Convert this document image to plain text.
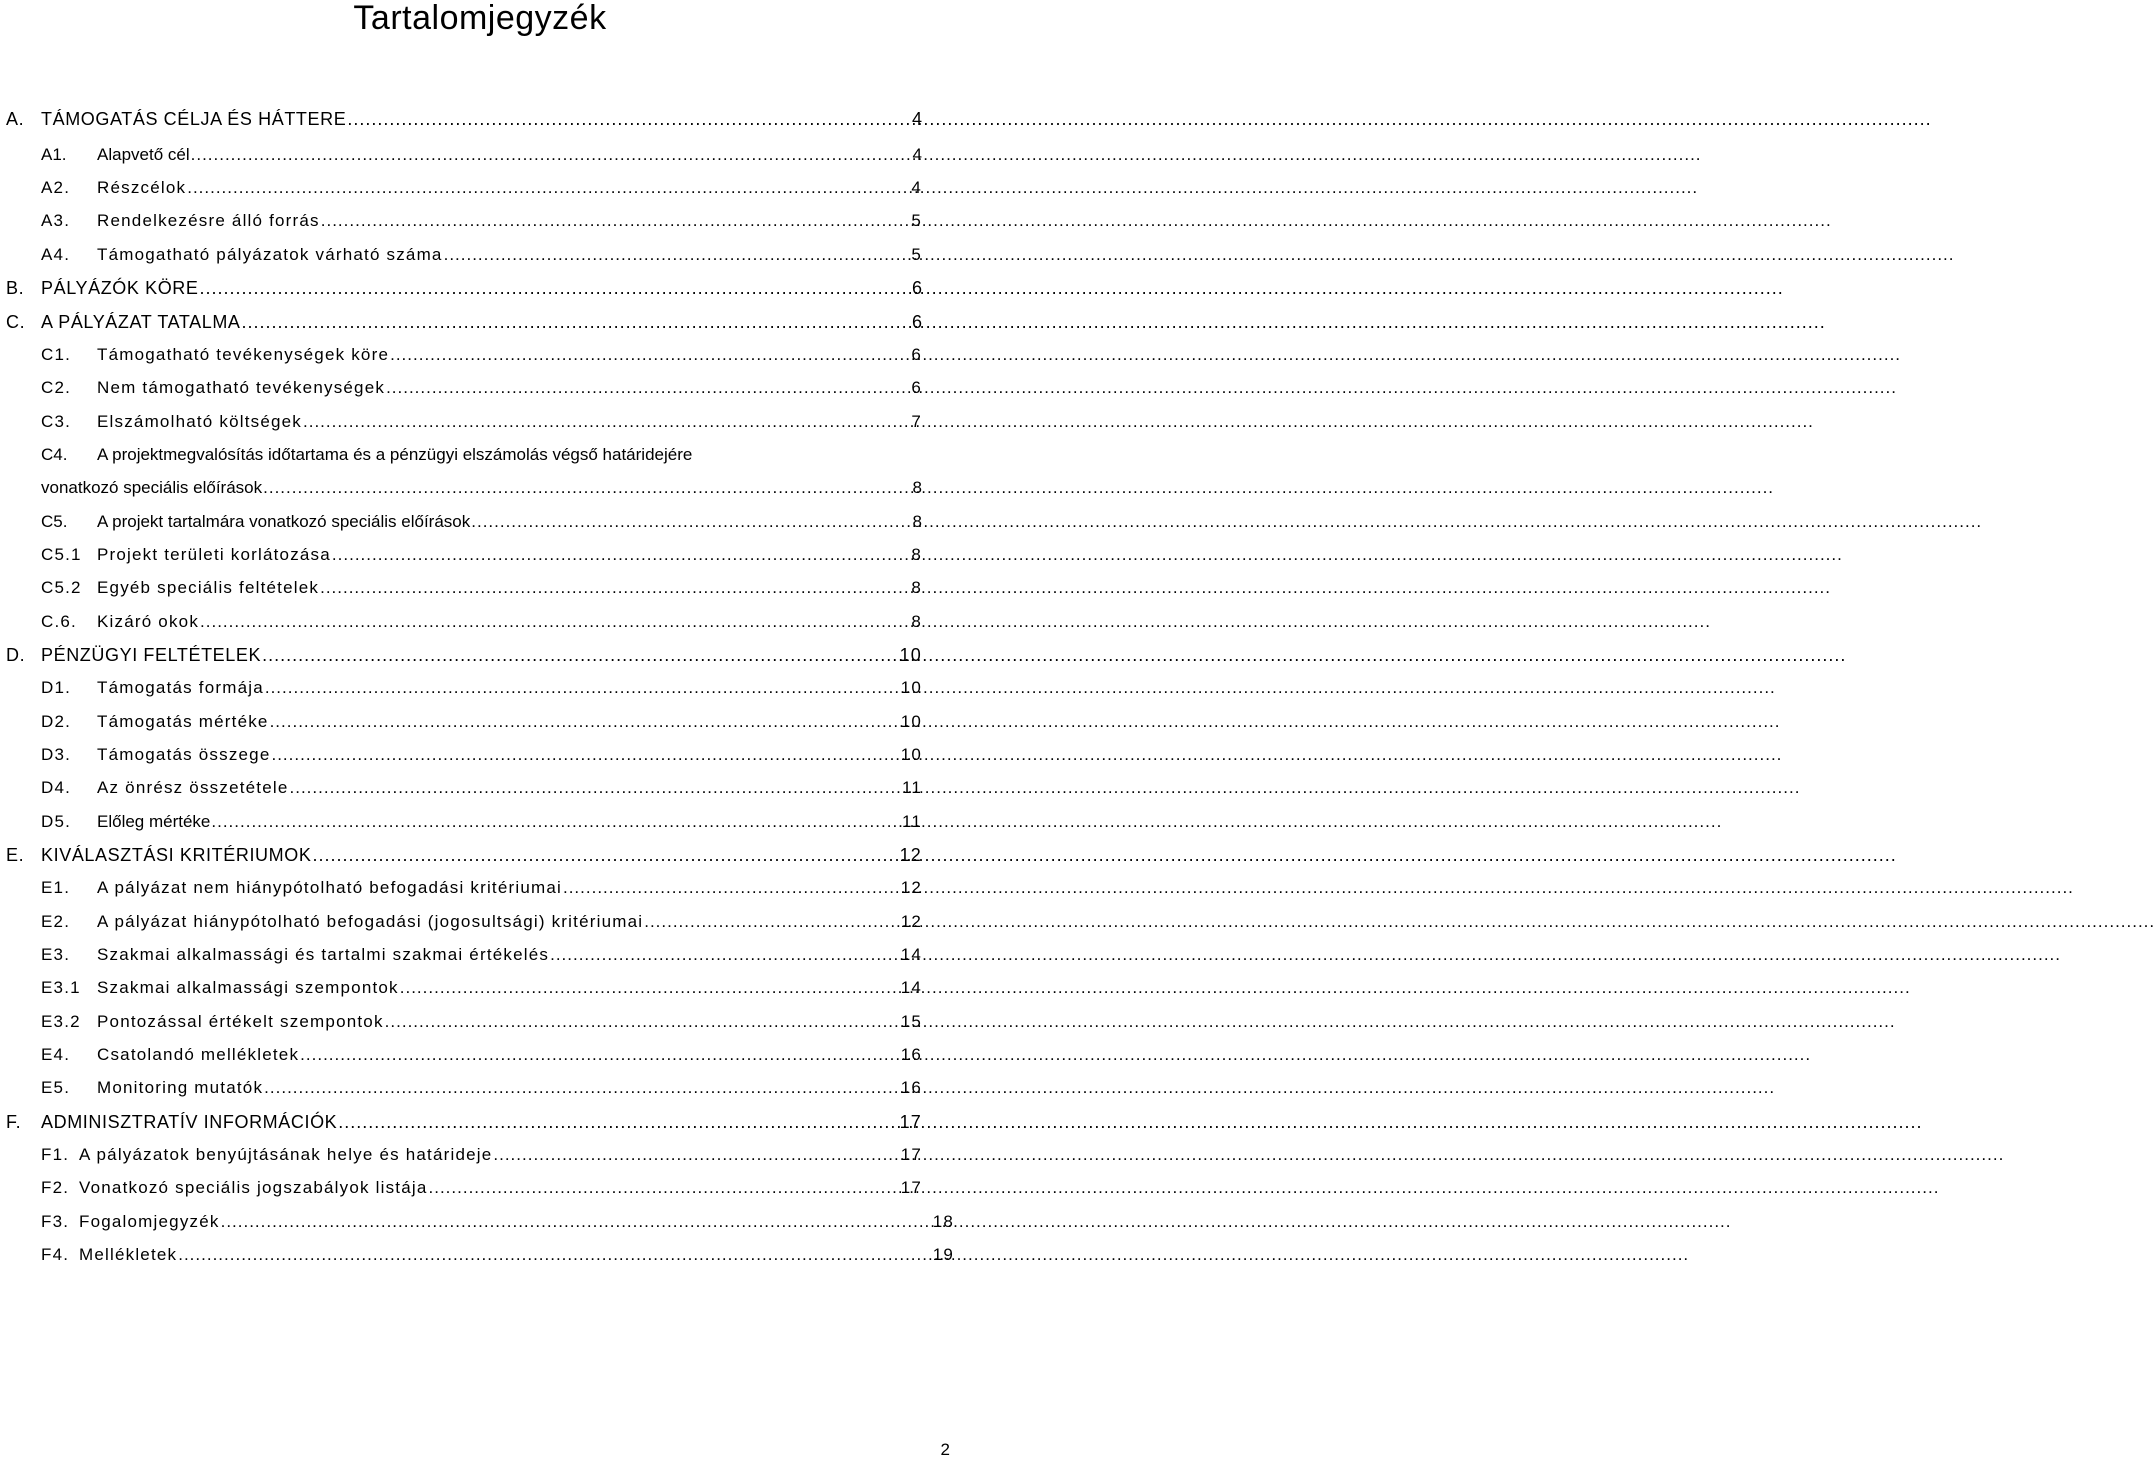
Tartalomjegyzék
A. TÁMOGATÁS CÉLJA ÉS HÁTTERE .....	4
A1.	Alapvető cél .....	4
A2.	Részcélok .....	4
A3.	Rendelkezésre álló forrás .....	5
A4.	Támogatható pályázatok várható száma .....	5
B. PÁLYÁZÓK KÖRE .....	6
C. A PÁLYÁZAT TATALMA .....	6
C1.	Támogatható tevékenységek köre .....	6
C2.	Nem támogatható tevékenységek .....	6
C3.	Elszámolható költségek .....	7
C4.	A projektmegvalósítás időtartama és a pénzügyi elszámolás végső határidejére
vonatkozó speciális előírások .....	8
C5.	A projekt tartalmára vonatkozó speciális előírások .....	8
C5.1 Projekt területi korlátozása .....	8
C5.2 Egyéb speciális feltételek .....	8
C.6.	Kizáró okok .....	8
D. PÉNZÜGYI FELTÉTELEK .....	10
D1.	Támogatás formája .....	10
D2.	Támogatás mértéke .....	10
D3.	Támogatás összege .....	10
D4.	Az önrész összetétele .....	11
D5.	Előleg mértéke .....	11
E. KIVÁLASZTÁSI KRITÉRIUMOK .....	12
E1.	A pályázat nem hiánypótolható befogadási kritériumai .....	12
E2.	A pályázat hiánypótolható befogadási (jogosultsági) kritériumai .....	12
E3.	Szakmai alkalmassági és tartalmi szakmai értékelés .....	14
E3.1 Szakmai alkalmassági szempontok .....	14
E3.2 Pontozással értékelt szempontok .....	15
E4.	Csatolandó mellékletek .....	16
E5.	Monitoring mutatók .....	16
F.	ADMINISZTRATÍV INFORMÁCIÓK .....	17
F1. A pályázatok benyújtásának helye és határideje .....	17
F2. Vonatkozó speciális jogszabályok listája .....	17
F3. Fogalomjegyzék .....	18
F4. Mellékletek .....	19
2
